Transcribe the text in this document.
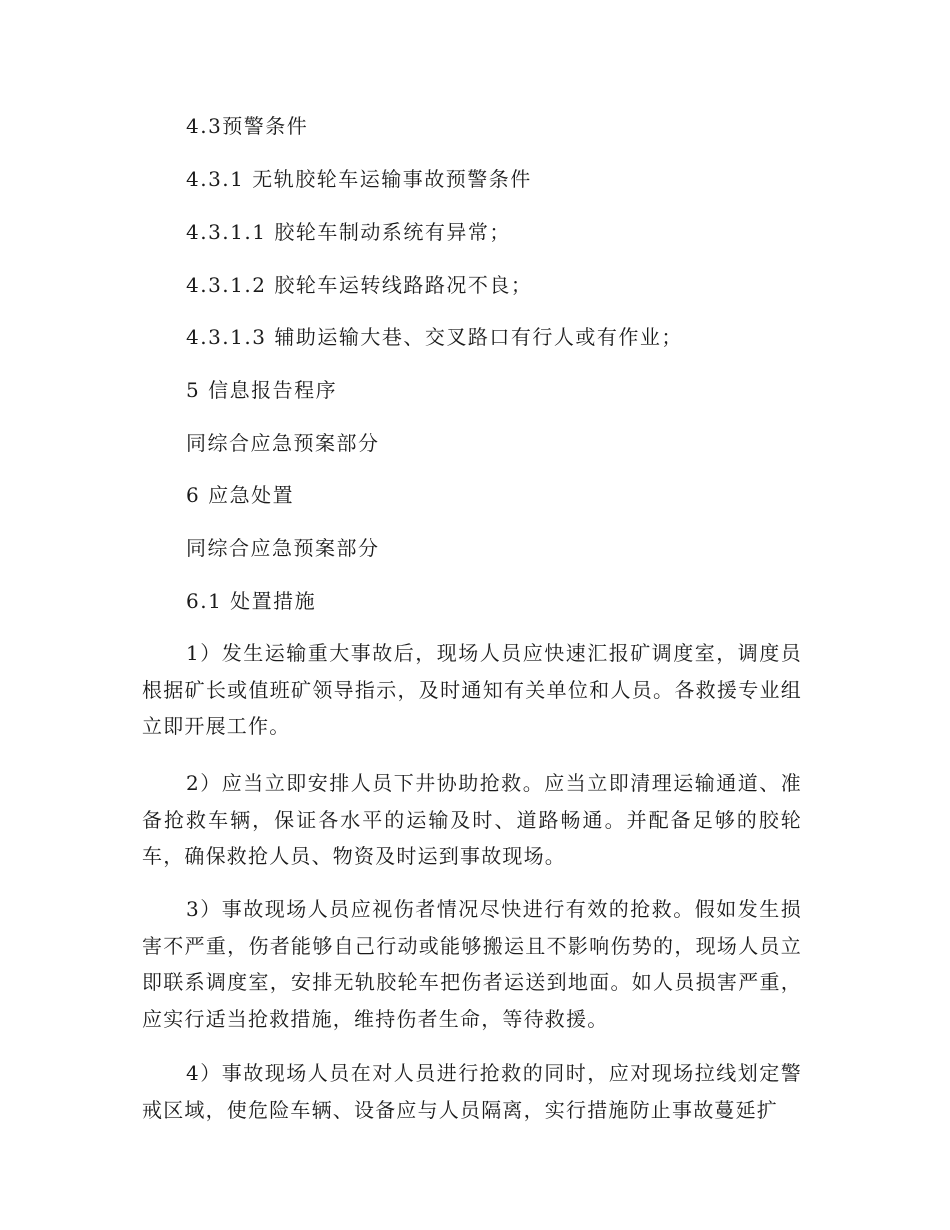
4.3预警条件
4.3.1 无轨胶轮车运输事故预警条件
4.3.1.1 胶轮车制动系统有异常；
4.3.1.2 胶轮车运转线路路况不良；
4.3.1.3 辅助运输大巷、交叉路口有行人或有作业；
5 信息报告程序
同综合应急预案部分
6 应急处置
同综合应急预案部分
6.1 处置措施
1）发生运输重大事故后，现场人员应快速汇报矿调度室，调度员根据矿长或值班矿领导指示，及时通知有关单位和人员。各救援专业组立即开展工作。
2）应当立即安排人员下井协助抢救。应当立即清理运输通道、准备抢救车辆，保证各水平的运输及时、道路畅通。并配备足够的胶轮车，确保救抢人员、物资及时运到事故现场。
3）事故现场人员应视伤者情况尽快进行有效的抢救。假如发生损害不严重，伤者能够自己行动或能够搬运且不影响伤势的，现场人员立即联系调度室，安排无轨胶轮车把伤者运送到地面。如人员损害严重，应实行适当抢救措施，维持伤者生命，等待救援。
4）事故现场人员在对人员进行抢救的同时，应对现场拉线划定警戒区域，使危险车辆、设备应与人员隔离，实行措施防止事故蔓延扩
